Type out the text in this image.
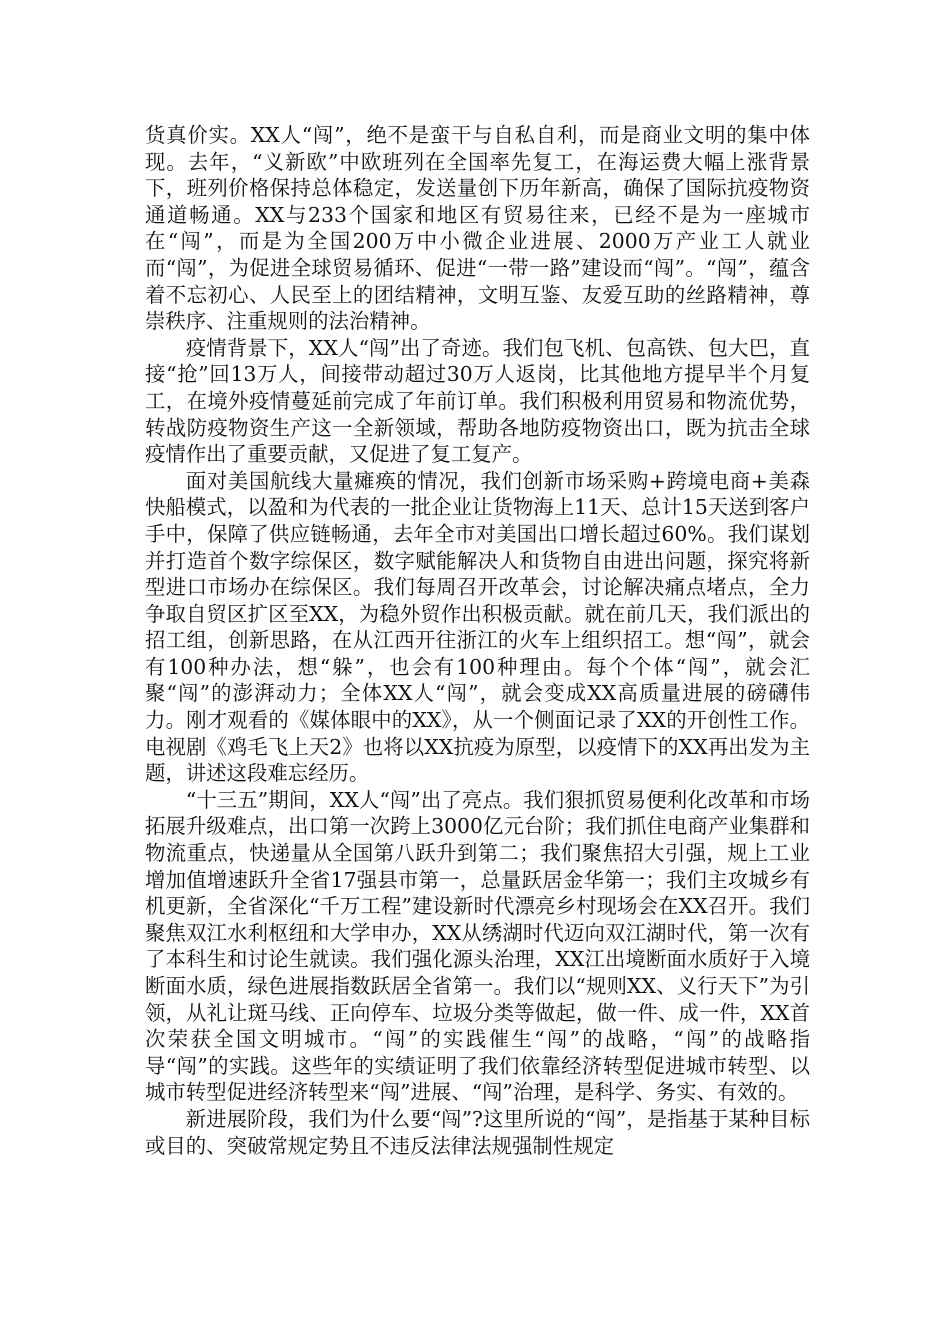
货真价实。XX人“闯”，绝不是蛮干与自私自利，而是商业文明的集中体现。去年，“义新欧”中欧班列在全国率先复工，在海运费大幅上涨背景下，班列价格保持总体稳定，发送量创下历年新高，确保了国际抗疫物资通道畅通。XX与233个国家和地区有贸易往来，已经不是为一座城市在“闯”，而是为全国200万中小微企业进展、2000万产业工人就业而“闯”，为促进全球贸易循环、促进“一带一路”建设而“闯”。“闯”，蕴含着不忘初心、人民至上的团结精神，文明互鉴、友爱互助的丝路精神，尊崇秩序、注重规则的法治精神。

疫情背景下，XX人“闯”出了奇迹。我们包飞机、包高铁、包大巴，直接“抢”回13万人，间接带动超过30万人返岗，比其他地方提早半个月复工，在境外疫情蔓延前完成了年前订单。我们积极利用贸易和物流优势，转战防疫物资生产这一全新领域，帮助各地防疫物资出口，既为抗击全球疫情作出了重要贡献，又促进了复工复产。

面对美国航线大量瘫痪的情况，我们创新市场采购+跨境电商+美森快船模式，以盈和为代表的一批企业让货物海上11天、总计15天送到客户手中，保障了供应链畅通，去年全市对美国出口增长超过60%。我们谋划并打造首个数字综保区，数字赋能解决人和货物自由进出问题，探究将新型进口市场办在综保区。我们每周召开改革会，讨论解决痛点堵点，全力争取自贸区扩区至XX，为稳外贸作出积极贡献。就在前几天，我们派出的招工组，创新思路，在从江西开往浙江的火车上组织招工。想“闯”，就会有100种办法，想“躲”，也会有100种理由。每个个体“闯”，就会汇聚“闯”的澎湃动力；全体XX人“闯”，就会变成XX高质量进展的磅礴伟力。刚才观看的《媒体眼中的XX》，从一个侧面记录了XX的开创性工作。电视剧《鸡毛飞上天2》也将以XX抗疫为原型，以疫情下的XX再出发为主题，讲述这段难忘经历。

“十三五”期间，XX人“闯”出了亮点。我们狠抓贸易便利化改革和市场拓展升级难点，出口第一次跨上3000亿元台阶；我们抓住电商产业集群和物流重点，快递量从全国第八跃升到第二；我们聚焦招大引强，规上工业增加值增速跃升全省17强县市第一，总量跃居金华第一；我们主攻城乡有机更新，全省深化“千万工程”建设新时代漂亮乡村现场会在XX召开。我们聚焦双江水利枢纽和大学申办，XX从绣湖时代迈向双江湖时代，第一次有了本科生和讨论生就读。我们强化源头治理，XX江出境断面水质好于入境断面水质，绿色进展指数跃居全省第一。我们以“规则XX、义行天下”为引领，从礼让斑马线、正向停车、垃圾分类等做起，做一件、成一件，XX首次荣获全国文明城市。“闯”的实践催生“闯”的战略，“闯”的战略指导“闯”的实践。这些年的实绩证明了我们依靠经济转型促进城市转型、以城市转型促进经济转型来“闯”进展、“闯”治理，是科学、务实、有效的。

新进展阶段，我们为什么要“闯”?这里所说的“闯”，是指基于某种目标或目的、突破常规定势且不违反法律法规强制性规定
